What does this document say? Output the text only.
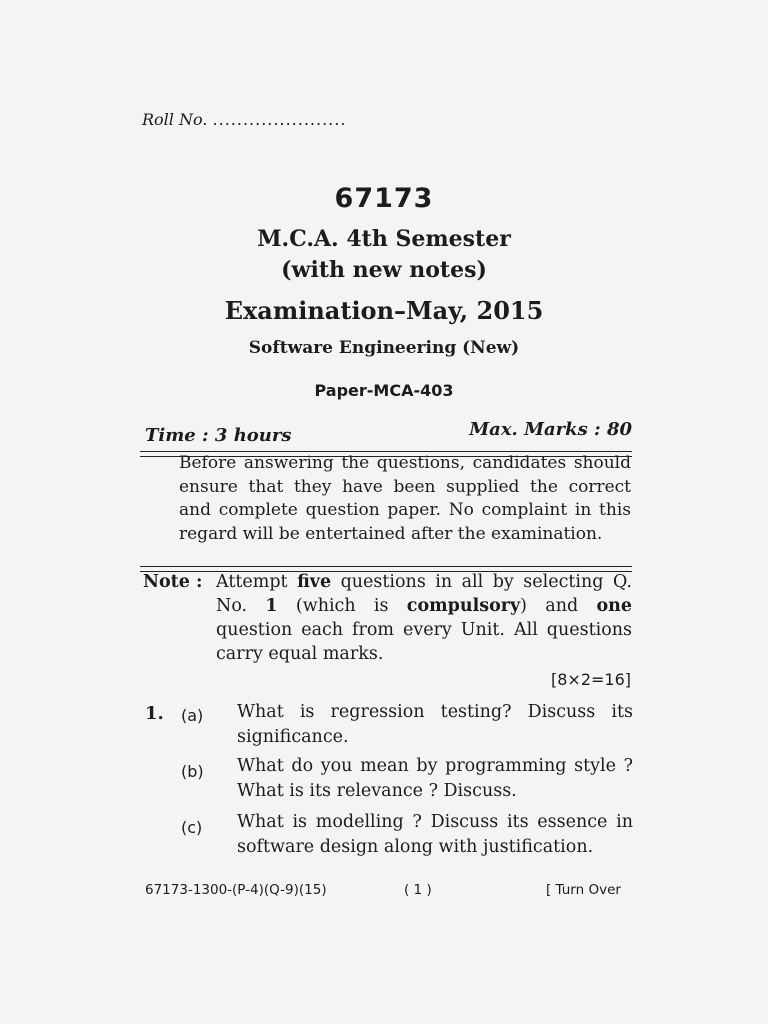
Roll No. ......................
67173
M.C.A. 4th Semester
(with new notes)
Examination–May, 2015
Software Engineering (New)
Paper-MCA-403
Time : 3 hours	Max. Marks : 80
Before answering the questions, candidates should ensure that they have been supplied the correct and complete question paper. No complaint in this regard will be entertained after the examination.
Note : Attempt five questions in all by selecting Q. No. 1 (which is compulsory) and one question each from every Unit. All questions carry equal marks.
[8×2=16]
1. (a) What is regression testing? Discuss its significance.
(b) What do you mean by programming style ? What is its relevance ? Discuss.
(c) What is modelling ? Discuss its essence in software design along with justification.
67173-1300-(P-4)(Q-9)(15)	( 1 )	[ Turn Over
